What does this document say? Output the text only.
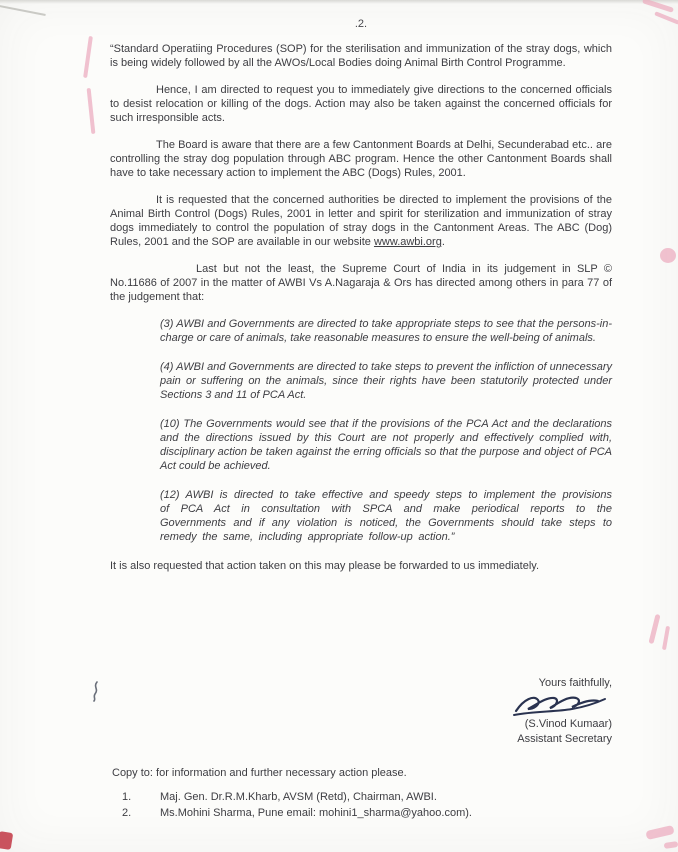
.2.

“Standard Operatiing Procedures (SOP) for the sterilisation and immunization of the stray dogs, which is being widely followed by all the AWOs/Local Bodies doing Animal Birth Control Programme.

Hence, I am directed to request you to immediately give directions to the concerned officials to desist relocation or killing of the dogs. Action may also be taken against the concerned officials for such irresponsible acts.

The Board is aware that there are a few Cantonment Boards at Delhi, Secunderabad etc.. are controlling the stray dog population through ABC program. Hence the other Cantonment Boards shall have to take necessary action to implement the ABC (Dogs) Rules, 2001.

It is requested that the concerned authorities be directed to implement the provisions of the Animal Birth Control (Dogs) Rules, 2001 in letter and spirit for sterilization and immunization of stray dogs immediately to control the population of stray dogs in the Cantonment Areas. The ABC (Dog) Rules, 2001 and the SOP are available in our website www.awbi.org.

Last but not the least, the Supreme Court of India in its judgement in SLP © No.11686 of 2007 in the matter of AWBI Vs A.Nagaraja & Ors has directed among others in para 77 of the judgement that:

(3) AWBI and Governments are directed to take appropriate steps to see that the persons-in-charge or care of animals, take reasonable measures to ensure the well-being of animals.

(4) AWBI and Governments are directed to take steps to prevent the infliction of unnecessary pain or suffering on the animals, since their rights have been statutorily protected under Sections 3 and 11 of PCA Act.

(10) The Governments would see that if the provisions of the PCA Act and the declarations and the directions issued by this Court are not properly and effectively complied with, disciplinary action be taken against the erring officials so that the purpose and object of PCA Act could be achieved.

(12) AWBI is directed to take effective and speedy steps to implement the provisions of PCA Act in consultation with SPCA and make periodical reports to the Governments and if any violation is noticed, the Governments should take steps to remedy the same, including appropriate follow-up action.”

It is also requested that action taken on this may please be forwarded to us immediately.

Yours faithfully,
(S.Vinod Kumaar)
Assistant Secretary
Copy to: for information and further necessary action please.
1.	Maj. Gen. Dr.R.M.Kharb, AVSM (Retd), Chairman, AWBI.
2.	Ms.Mohini Sharma, Pune email: mohini1_sharma@yahoo.com).
